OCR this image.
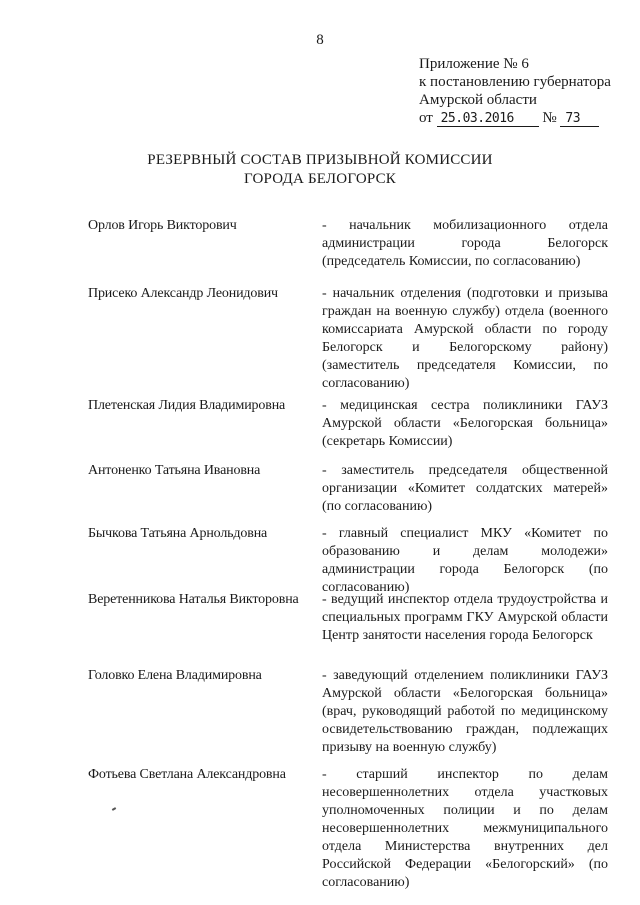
8
Приложение № 6
к постановлению губернатора
Амурской области
от 25.03.2016 № 73
РЕЗЕРВНЫЙ СОСТАВ ПРИЗЫВНОЙ КОМИССИИ
ГОРОДА БЕЛОГОРСК
Орлов Игорь Викторович	- начальник мобилизационного отдела администрации города Белогорск (председатель Комиссии, по согласованию)
Присеко Александр Леонидович	- начальник отделения (подготовки и призыва граждан на военную службу) отдела (военного комиссариата Амурской области по городу Белогорск и Белогорскому району) (заместитель председателя Комиссии, по согласованию)
Плетенская Лидия Владимировна	- медицинская сестра поликлиники ГАУЗ Амурской области «Белогорская больница» (секретарь Комиссии)
Антоненко Татьяна Ивановна	- заместитель председателя общественной организации «Комитет солдатских матерей» (по согласованию)
Бычкова Татьяна Арнольдовна	- главный специалист МКУ «Комитет по образованию и делам молодежи» администрации города Белогорск (по согласованию)
Веретенникова Наталья Викторовна	- ведущий инспектор отдела трудоустройства и специальных программ ГКУ Амурской области Центр занятости населения города Белогорск
Головко Елена Владимировна	- заведующий отделением поликлиники ГАУЗ Амурской области «Белогорская больница» (врач, руководящий работой по медицинскому освидетельствованию граждан, подлежащих призыву на военную службу)
Фотьева Светлана Александровна	- старший инспектор по делам несовершеннолетних отдела участковых уполномоченных полиции и по делам несовершеннолетних межмуниципального отдела Министерства внутренних дел Российской Федерации «Белогорский» (по согласованию)
